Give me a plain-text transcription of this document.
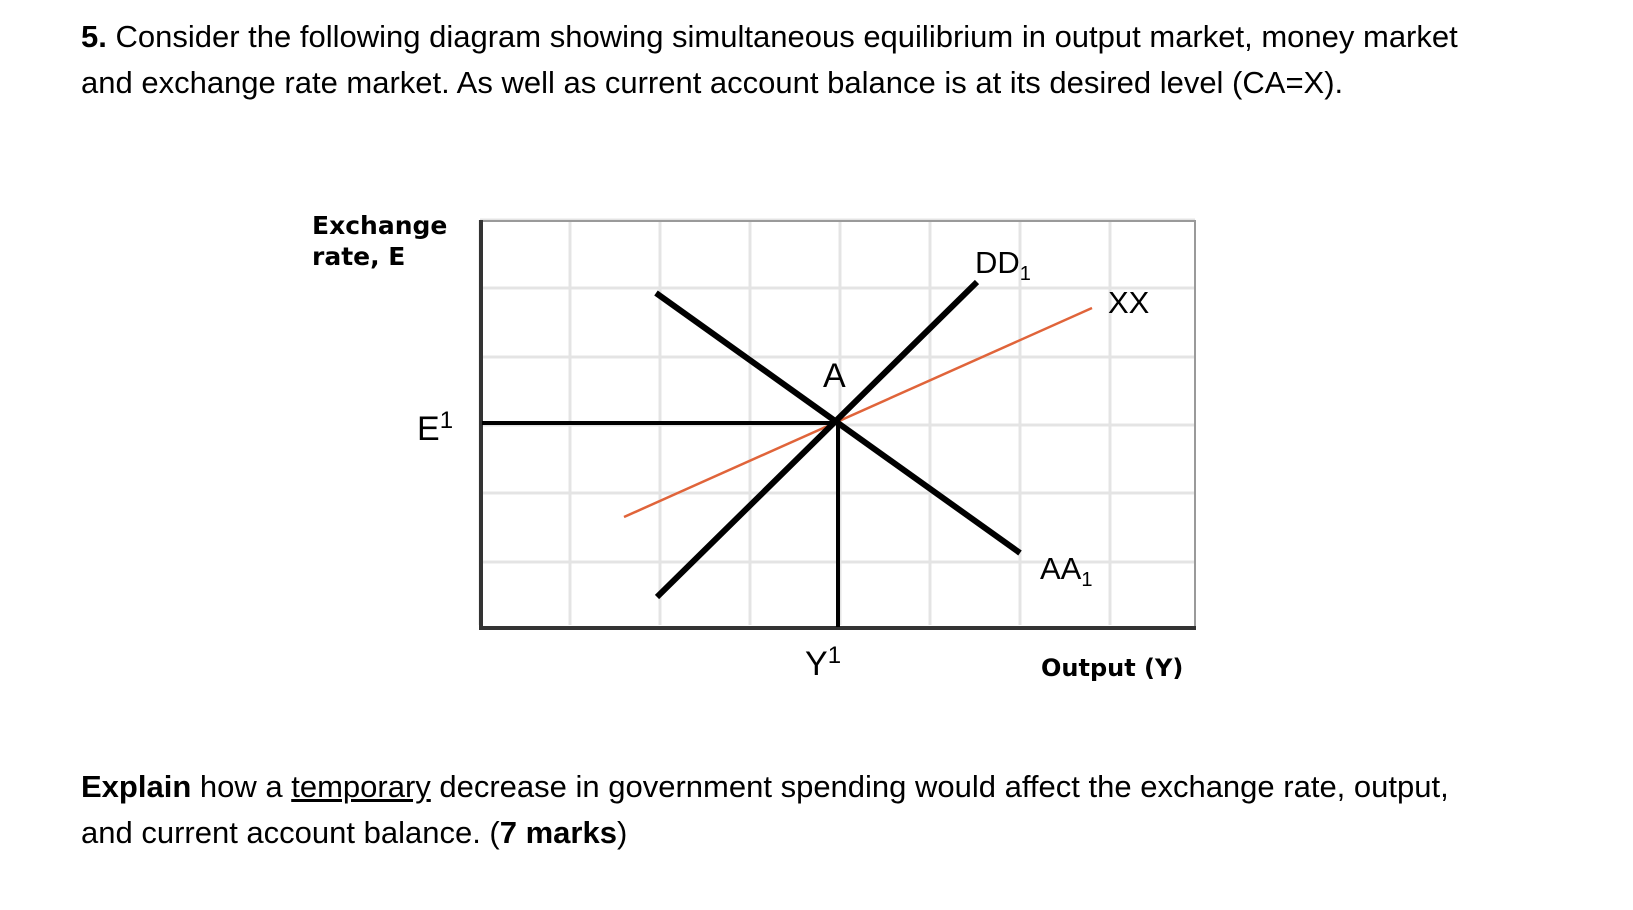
5. Consider the following diagram showing simultaneous equilibrium in output market, money market and exchange rate market. As well as current account balance is at its desired level (CA=X).

Exchange
rate, E
Output (Y)
A
$E^1$
$Y^1$
$DD_1$
$AA_1$
XX

Explain how a temporary decrease in government spending would affect the exchange rate, output, and current account balance. (7 marks)
